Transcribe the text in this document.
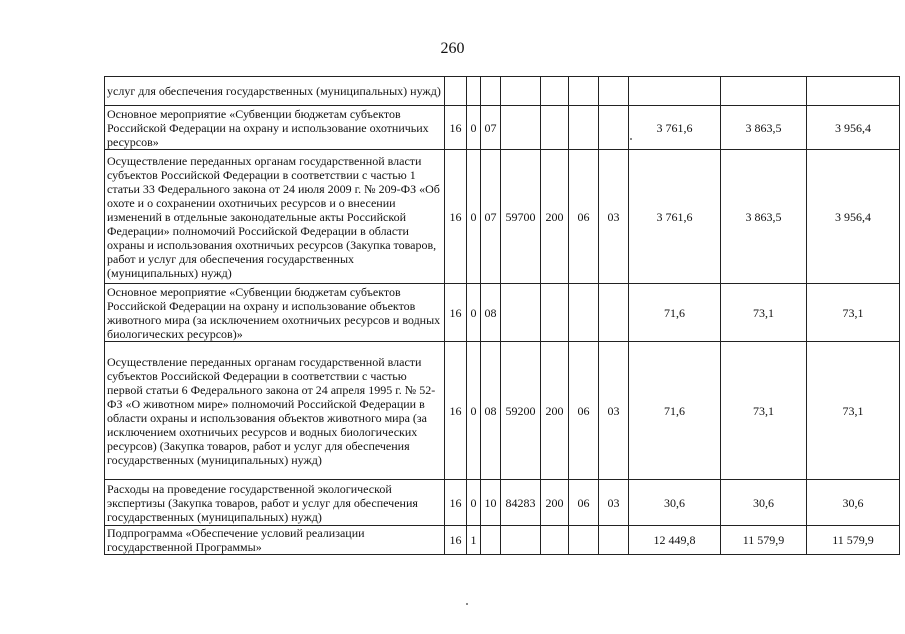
260
услуг для обеспечения государственных (муниципальных) нужд)										
Основное мероприятие «Субвенции бюджетам субъектов Российской Федерации на охрану и использование охотничьих ресурсов»	16	0	07					3 761,6	3 863,5	3 956,4
Осуществление переданных органам государственной власти субъектов Российской Федерации в соответствии с частью 1 статьи 33 Федерального закона от 24 июля 2009 г. № 209-ФЗ «Об охоте и о сохранении охотничьих ресурсов и о внесении изменений в отдельные законодательные акты Российской Федерации» полномочий Российской Федерации в области охраны и использования охотничьих ресурсов (Закупка товаров, работ и услуг для обеспечения государственных (муниципальных) нужд)	16	0	07	59700	200	06	03	3 761,6	3 863,5	3 956,4
Основное мероприятие «Субвенции бюджетам субъектов Российской Федерации на охрану и использование объектов животного мира (за исключением охотничьих ресурсов и водных биологических ресурсов)»	16	0	08					71,6	73,1	73,1
Осуществление переданных органам государственной власти субъектов Российской Федерации в соответствии с частью первой статьи 6 Федерального закона от 24 апреля 1995 г. № 52-ФЗ «О животном мире» полномочий Российской Федерации в области охраны и использования объектов животного мира (за исключением охотничьих ресурсов и водных биологических ресурсов) (Закупка товаров, работ и услуг для обеспечения государственных (муниципальных) нужд)	16	0	08	59200	200	06	03	71,6	73,1	73,1
Расходы на проведение государственной экологической экспертизы (Закупка товаров, работ и услуг для обеспечения государственных (муниципальных) нужд)	16	0	10	84283	200	06	03	30,6	30,6	30,6
Подпрограмма «Обеспечение условий реализации государственной Программы»	16	1						12 449,8	11 579,9	11 579,9
